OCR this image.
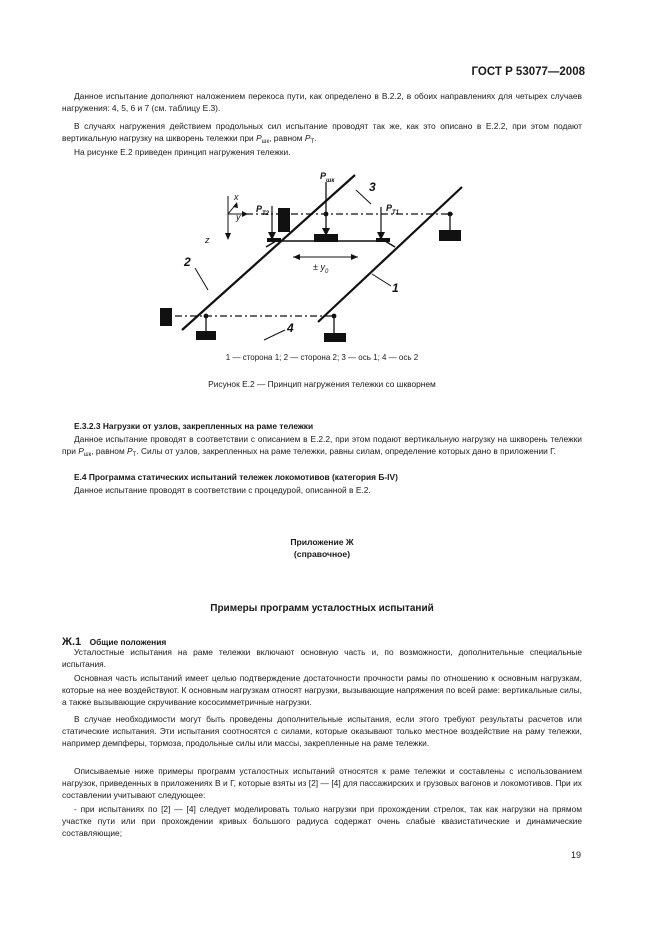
ГОСТ Р 53077—2008

Данное испытание дополняют наложением перекоса пути, как определено в В.2.2, в обоих направлениях для четырех случаев нагружения: 4, 5, 6 и 7 (см. таблицу Е.3).

В случаях нагружения действием продольных сил испытание проводят так же, как это описано в Е.2.2, при этом подают вертикальную нагрузку на шкворень тележки при $P_{шк}$, равном $P_T$.

На рисунке Е.2 приведен принцип нагружения тележки.

$P_{шк}$
$P_{T2}$
$P_{T1}$
x
y
z
± $y_0$
1
2
3
4
1 — сторона 1; 2 — сторона 2; 3 — ось 1; 4 — ось 2
Рисунок Е.2 — Принцип нагружения тележки со шкворнем

Е.3.2.3 Нагрузки от узлов, закрепленных на раме тележки

Данное испытание проводят в соответствии с описанием в Е.2.2, при этом подают вертикальную нагрузку на шкворень тележки при $P_{шк}$, равном $P_T$. Силы от узлов, закрепленных на раме тележки, равны силам, определение которых дано в приложении Г.

Е.4 Программа статических испытаний тележек локомотивов (категория Б-IV)

Данное испытание проводят в соответствии с процедурой, описанной в Е.2.

Приложение Ж
(справочное)
Примеры программ усталостных испытаний
Ж.1 Общие положения

Усталостные испытания на раме тележки включают основную часть и, по возможности, дополнительные специальные испытания.

Основная часть испытаний имеет целью подтверждение достаточности прочности рамы по отношению к основным нагрузкам, которые на нее воздействуют. К основным нагрузкам относят нагрузки, вызывающие напряжения по всей раме: вертикальные силы, а также вызывающие скручивание кососимметричные нагрузки.

В случае необходимости могут быть проведены дополнительные испытания, если этого требуют результаты расчетов или статические испытания. Эти испытания соотносятся с силами, которые оказывают только местное воздействие на раму тележки, например демпферы, тормоза, продольные силы или массы, закрепленные на раме тележки.

Описываемые ниже примеры программ усталостных испытаний относятся к раме тележки и составлены с использованием нагрузок, приведенных в приложениях В и Г, которые взяты из [2] — [4] для пассажирских и грузовых вагонов и локомотивов. При их составлении учитывают следующее:

- при испытаниях по [2] — [4] следует моделировать только нагрузки при прохождении стрелок, так как нагрузки на прямом участке пути или при прохождении кривых большого радиуса содержат очень слабые квазистатические и динамические составляющие;

19
